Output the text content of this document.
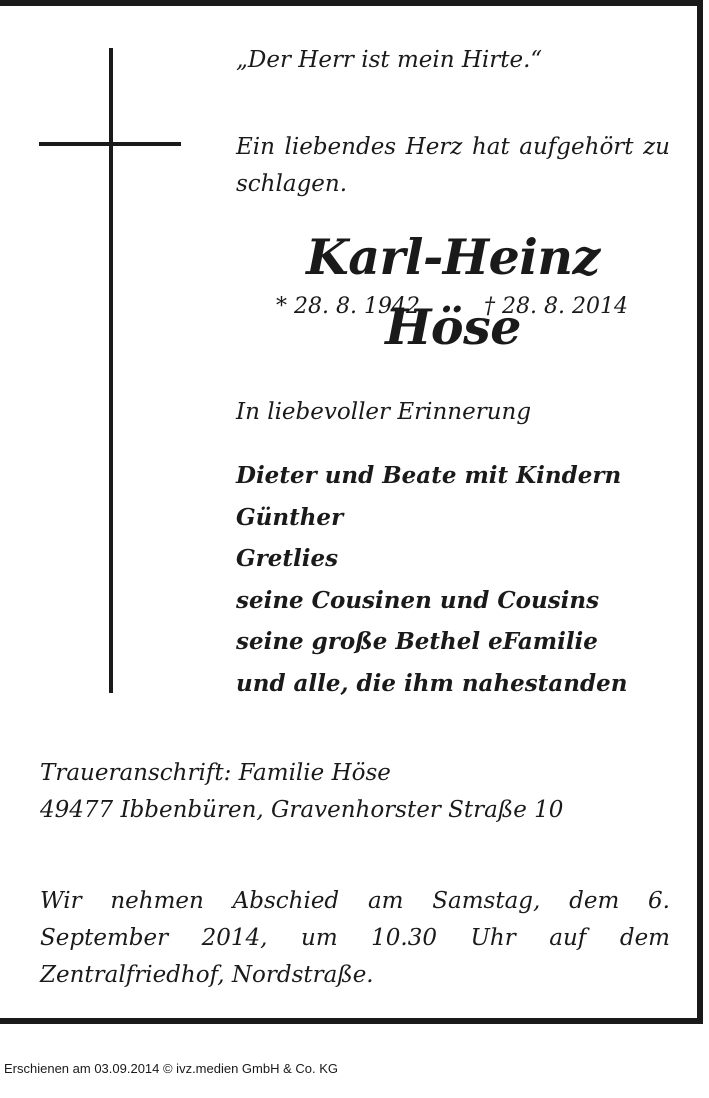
„Der Herr ist mein Hirte.“

Ein liebendes Herz hat aufgehört zu schlagen.

Karl-Heinz Höse
* 28. 8. 1942	† 28. 8. 2014

In liebevoller Erinnerung

Dieter und Beate mit Kindern
Günther
Gretlies
seine Cousinen und Cousins
seine große Bethel eFamilie
und alle, die ihm nahestanden
Traueranschrift: Familie Höse
49477 Ibbenbüren, Gravenhorster Straße 10

Wir nehmen Abschied am Samstag, dem 6. September 2014, um 10.30 Uhr auf dem Zentralfriedhof, Nordstraße.

Erschienen am 03.09.2014 © ivz.medien GmbH & Co. KG
